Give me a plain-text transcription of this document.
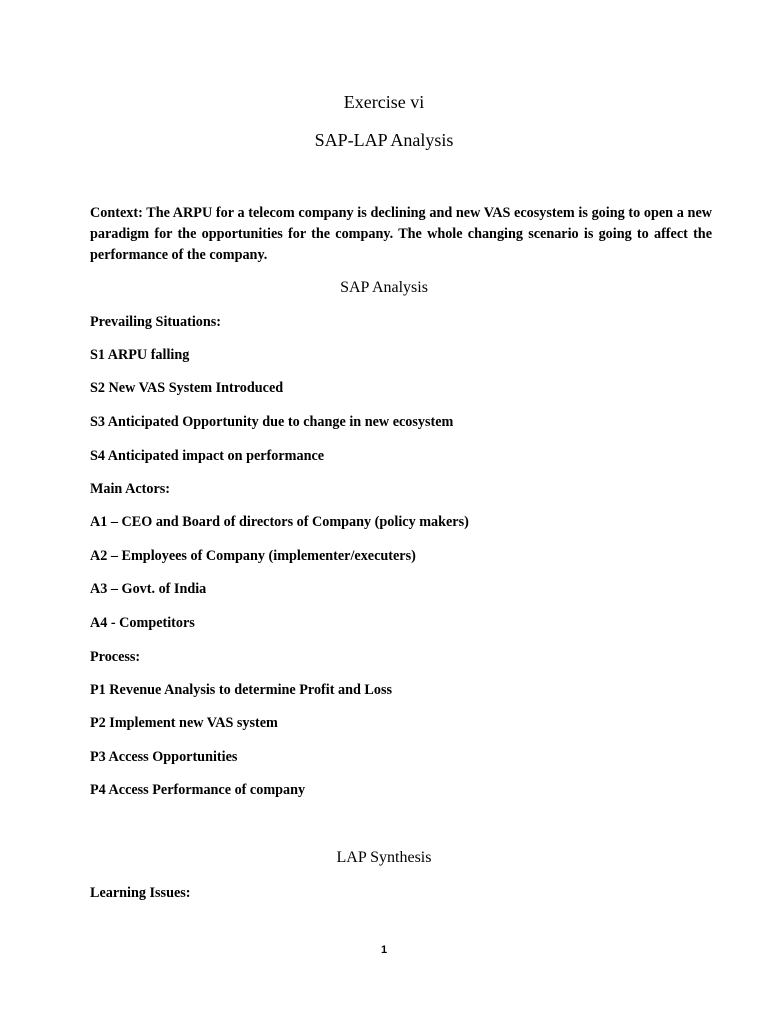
Exercise vi
SAP-LAP Analysis

Context: The ARPU for a telecom company is declining and new VAS ecosystem is going to open a new paradigm for the opportunities for the company. The whole changing scenario is going to affect the performance of the company.

SAP Analysis

Prevailing Situations:

S1 ARPU falling

S2 New VAS System Introduced

S3 Anticipated Opportunity due to change in new ecosystem

S4 Anticipated impact on performance

Main Actors:

A1 – CEO and Board of directors of Company (policy makers)

A2 – Employees of Company (implementer/executers)

A3 – Govt. of India

A4 - Competitors

Process:

P1 Revenue Analysis to determine Profit and Loss

P2 Implement new VAS system

P3 Access Opportunities

P4 Access Performance of company

LAP Synthesis

Learning Issues:

1
